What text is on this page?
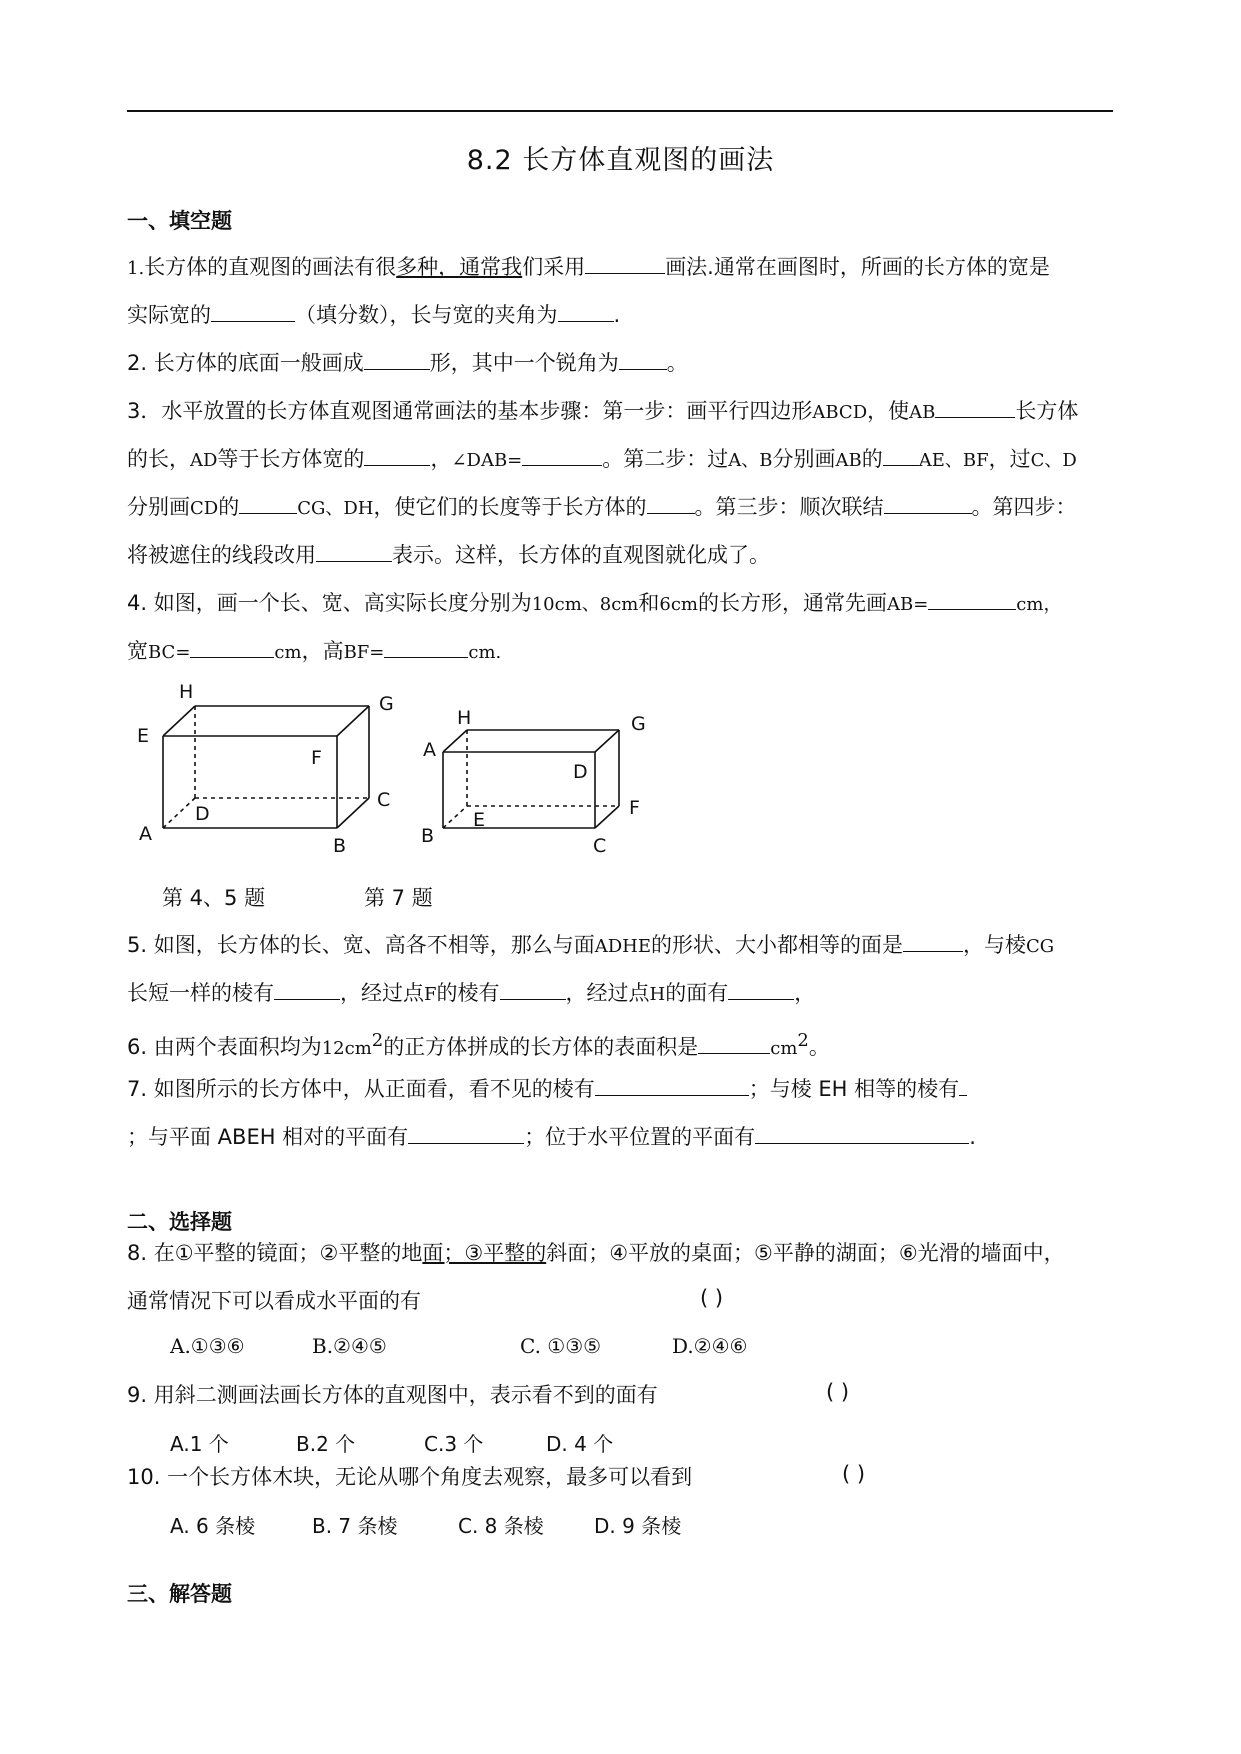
8.2 长方体直观图的画法
一、填空题
1.长方体的直观图的画法有很多种，通常我们采用	画法.通常在画图时，所画的长方体的宽是
实际宽的	（填分数），长与宽的夹角为	.
2. 长方体的底面一般画成	形，其中一个锐角为 。
3．水平放置的长方体直观图通常画法的基本步骤：第一步：画平行四边形ABCD，使AB	长方体
的长，AD等于长方体宽的	，∠DAB=	。第二步：过A、B分别画AB的 AE、BF，过C、D
分别画CD的	CG、DH，使它们的长度等于长方体的 。第三步：顺次联结	。第四步：
将被遮住的线段改用	表示。这样，长方体的直观图就化成了。
4. 如图，画一个长、宽、高实际长度分别为10cm、8cm和6cm的长方形，通常先画AB=	cm，
宽BC=	cm，高BF=	cm.
H
G
E
F
C
D
A
B
H	G
A
D
F
B
E
C
第 4、5 题	第 7 题
5. 如图，长方体的长、宽、高各不相等，那么与面ADHE的形状、大小都相等的面是	，与棱CG
长短一样的棱有	，经过点F的棱有	，经过点H的面有	，
6. 由两个表面积均为$12cm^2$的正方体拼成的长方体的表面积是	$cm^2$。
7. 如图所示的长方体中，从正面看，看不见的棱有	；与棱 EH 相等的棱有
；与平面 ABEH 相对的平面有	；位于水平位置的平面有	.
二、选择题
8. 在①平整的镜面；②平整的地面；③平整的斜面；④平放的桌面；⑤平静的湖面；⑥光滑的墙面中，
通常情况下可以看成水平面的有	( )
A.①③⑥	B.②④⑤	C. ①③⑤	D.②④⑥
9. 用斜二测画法画长方体的直观图中，表示看不到的面有	( )
A.1 个	B.2 个	C.3 个	D. 4 个
10. 一个长方体木块，无论从哪个角度去观察，最多可以看到	( )
A. 6 条棱	B. 7 条棱	C. 8 条棱	D. 9 条棱
三、解答题
